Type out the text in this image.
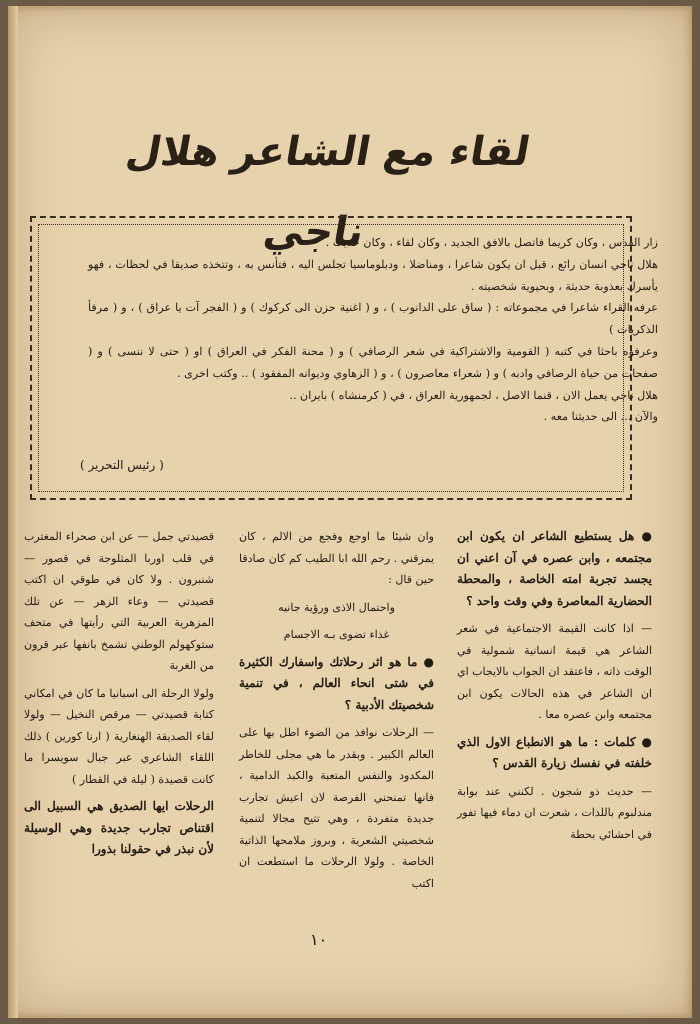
لقاء مع الشاعر هلال ناجي

زار القدس ، وكان كريما فاتصل بالافق الجديد ، وكان لقاء ، وكان حديث .

هلال ناجي انسان رائع ، قبل ان يكون شاعرا ، ومناضلا ، ودبلوماسيا تجلس اليه ، فتأنس به ، وتتخذه صديقا في لحظات ، فهو يأسرك بعذوبة حديثة ، وبحيوية شخصيته .

عرفه القراء شاعرا في مجموعاته : ( ساق على الدانوب ) ، و ( اغنية حزن الى كركوك ) و ( الفجر آت يا عراق ) ، و ( مرفأ الذكريات )

وعرفوه باحثا في كتبه ( القومية والاشتراكية في شعر الرصافي ) و ( محنة الفكر في العراق ) او ( حتى لا ننسى ) و ( صفحات من حياة الرصافي وادبه ) و ( شعراء معاصرون ) ، و ( الزهاوي وديوانه المفقود ) .. وكتب اخرى .

هلال ناجي يعمل الان ، قنما الاصل ، لجمهورية العراق ، في ( كرمنشاه ) بايران ..

والآن ... الى حديثنا معه .

( رئيس التحرير )

● هل يستطيع الشاعر ان يكون ابن مجتمعه ، وابن عصره في آن اعني ان يجسد تجربة امته الخاصة ، والمحطة الحضارية المعاصرة وفي وقت واحد ؟

— اذا كانت القيمة الاجتماعية في شعر الشاعر هي قيمة انسانية شمولية في الوقت ذاته ، فاعتقد ان الجواب بالايجاب اي ان الشاعر في هذه الحالات يكون ابن مجتمعه وابن عصره معا .

● كلمات : ما هو الانطباع الاول الذي خلفته في نفسك زيارة القدس ؟

— حديث ذو شجون . لكنني عند بوابة مندلبوم باللذات ، شعرت ان دماء فيها تفور في احشائي بحطة

وان شيئا ما اوجع وفجع من الالم ، كان يمزقني . رحم الله ابا الطيب كم كان صادقا حين قال :

واحتمال الاذى ورؤية جانيه

غذاء تضوى بـه الاجسام

● ما هو اثر رحلاتك واسفارك الكثيرة في شتى انحاء العالم ، في تنمية شخصيتك الأدبية ؟

— الرحلات نوافذ من الضوء اطل بها على العالم الكبير . وبقدر ما هي مجلى للخاطر المكدود والنفس المتعبة والكبد الدامية ، فانها تمنحني الفرصة لان اعيش تجارب جديدة متفردة ، وهي تتيح مجالا لتنمية شخصيتي الشعرية ، وبروز ملامحها الذاتية الخاصة . ولولا الرحلات ما استطعت ان اكتب

قصيدتي جمل — عن ابن صحراء المغترب في قلب اوربا المثلوجة في قصور — شنبرون . ولا كان في طوقي ان اكتب قصيدتي — وعاء الزهر — عن تلك المزهرية العربية التي رأيتها في متحف ستوكهولم الوطني تشمخ بانفها عبر قرون من الغربة

ولولا الرحلة الى اسبانيا ما كان في امكاني كتابة قصيدتي — مرقص النخيل — ولولا لقاء الصديقة الهنغارية ( ارنا كورين ) ذلك اللقاء الشاعري عبر جبال سويسرا ما كانت قصيدة ( ليلة في القطار )

الرحلات ايها الصديق هي السبيل الى اقتناص تجارب جديدة وهي الوسيلة لأن نبذر في حقولنا بذورا

١٠
